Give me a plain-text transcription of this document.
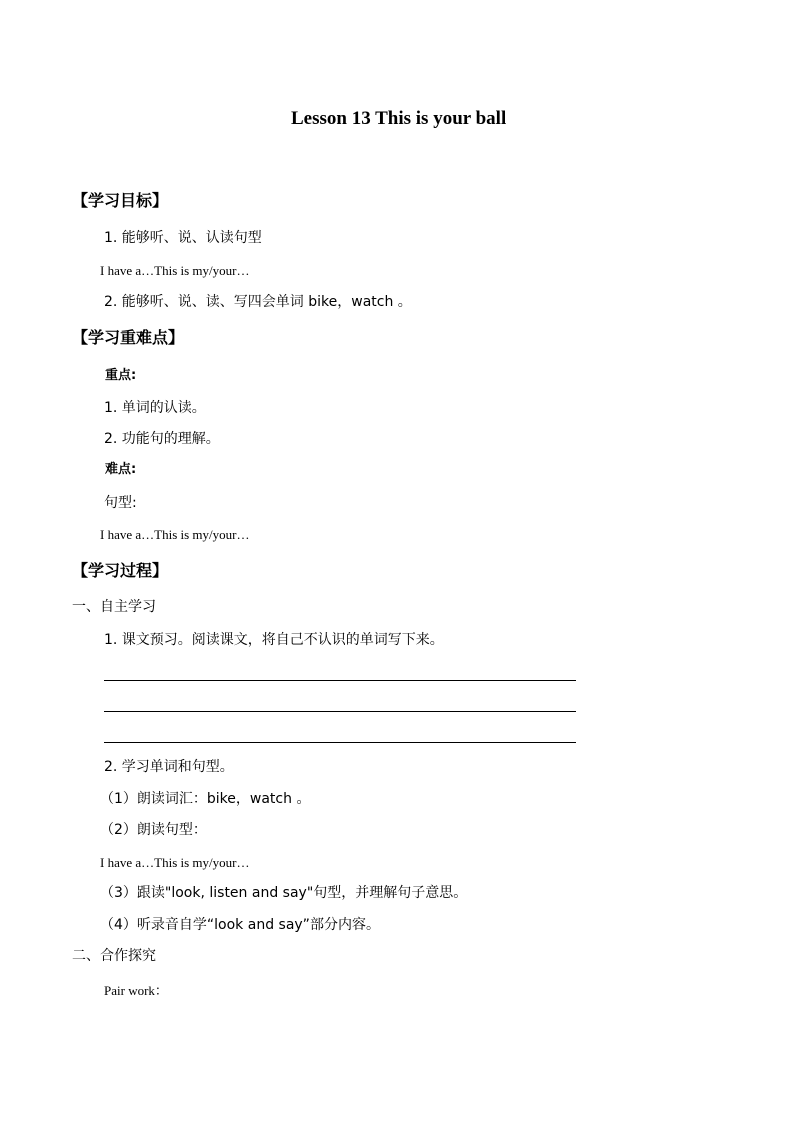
Lesson 13 This is your ball
【学习目标】
1. 能够听、说、认读句型
I have a…This is my/your…
2. 能够听、说、读、写四会单词 bike，watch 。
【学习重难点】
重点:
1. 单词的认读。
2. 功能句的理解。
难点:
句型:
I have a…This is my/your…
【学习过程】
一、自主学习
1. 课文预习。阅读课文，将自己不认识的单词写下来。
2. 学习单词和句型。
（1）朗读词汇：bike，watch 。
（2）朗读句型：
I have a…This is my/your…
（3）跟读"look, listen and say"句型，并理解句子意思。
（4）听录音自学“look and say”部分内容。
二、合作探究
Pair work：
